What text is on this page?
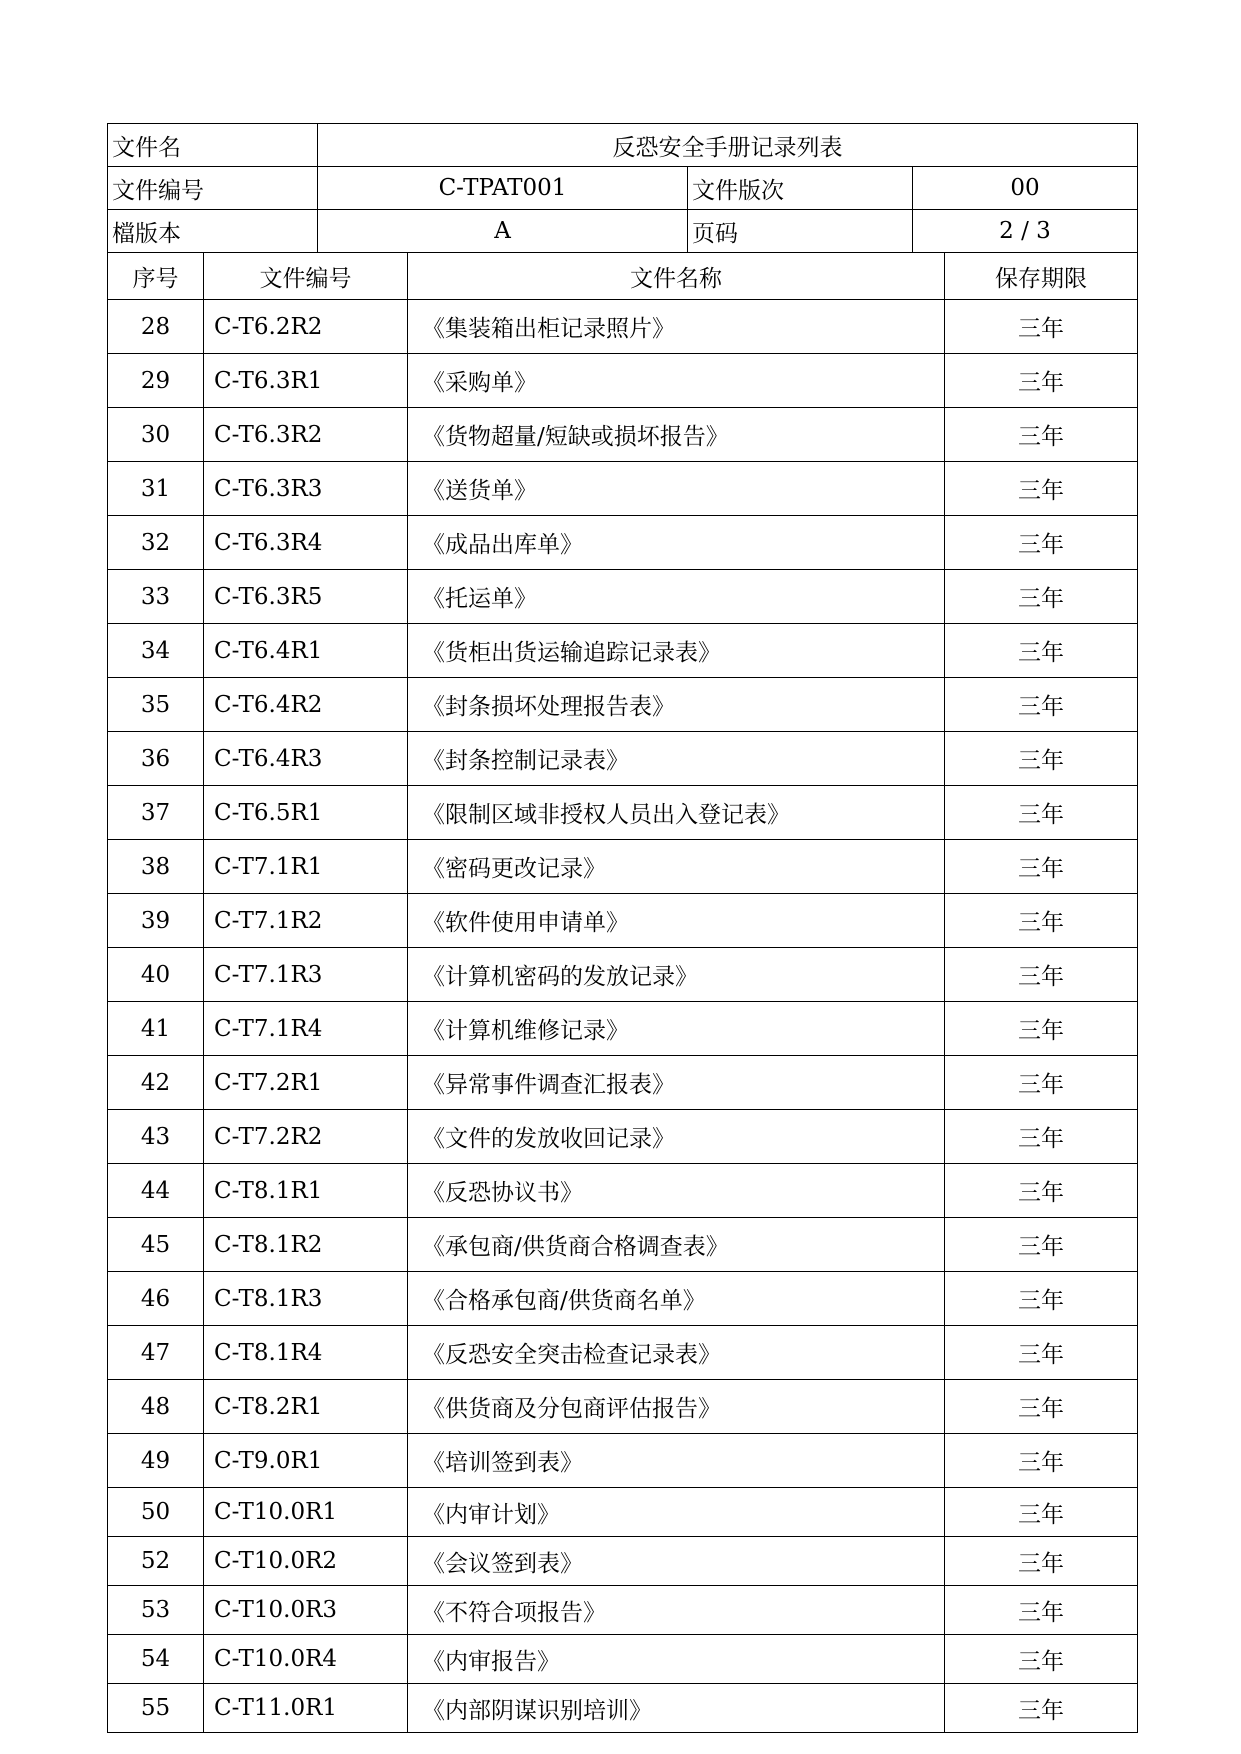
文件名	反恐安全手册记录列表		
文件编号	C-TPAT001	文件版次	00
檔版本	A	页码	2 / 3
序号	文件编号	文件名称	保存期限
28	C-T6.2R2	《集装箱出柜记录照片》	三年
29	C-T6.3R1	《采购单》	三年
30	C-T6.3R2	《货物超量/短缺或损坏报告》	三年
31	C-T6.3R3	《送货单》	三年
32	C-T6.3R4	《成品出库单》	三年
33	C-T6.3R5	《托运单》	三年
34	C-T6.4R1	《货柜出货运输追踪记录表》	三年
35	C-T6.4R2	《封条损坏处理报告表》	三年
36	C-T6.4R3	《封条控制记录表》	三年
37	C-T6.5R1	《限制区域非授权人员出入登记表》	三年
38	C-T7.1R1	《密码更改记录》	三年
39	C-T7.1R2	《软件使用申请单》	三年
40	C-T7.1R3	《计算机密码的发放记录》	三年
41	C-T7.1R4	《计算机维修记录》	三年
42	C-T7.2R1	《异常事件调查汇报表》	三年
43	C-T7.2R2	《文件的发放收回记录》	三年
44	C-T8.1R1	《反恐协议书》	三年
45	C-T8.1R2	《承包商/供货商合格调查表》	三年
46	C-T8.1R3	《合格承包商/供货商名单》	三年
47	C-T8.1R4	《反恐安全突击检查记录表》	三年
48	C-T8.2R1	《供货商及分包商评估报告》	三年
49	C-T9.0R1	《培训签到表》	三年
50	C-T10.0R1	《内审计划》	三年
52	C-T10.0R2	《会议签到表》	三年
53	C-T10.0R3	《不符合项报告》	三年
54	C-T10.0R4	《内审报告》	三年
55	C-T11.0R1	《内部阴谋识别培训》	三年
